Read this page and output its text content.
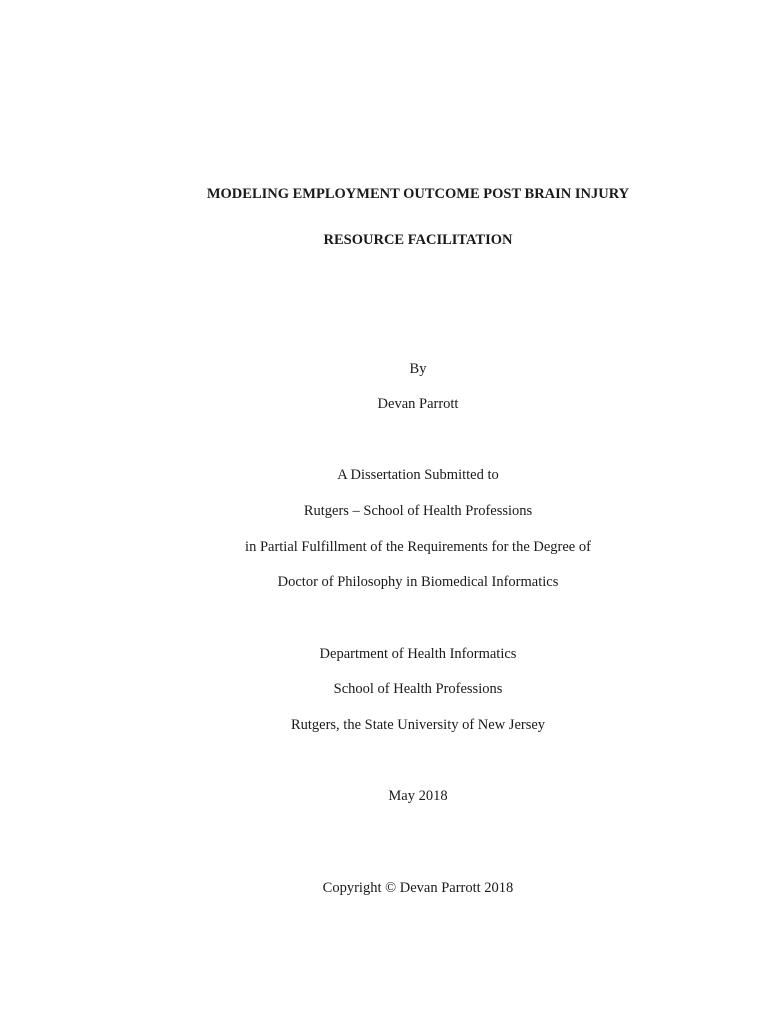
MODELING EMPLOYMENT OUTCOME POST BRAIN INJURY
RESOURCE FACILITATION
By
Devan Parrott
A Dissertation Submitted to
Rutgers – School of Health Professions
in Partial Fulfillment of the Requirements for the Degree of
Doctor of Philosophy in Biomedical Informatics
Department of Health Informatics
School of Health Professions
Rutgers, the State University of New Jersey
May 2018
Copyright © Devan Parrott 2018
